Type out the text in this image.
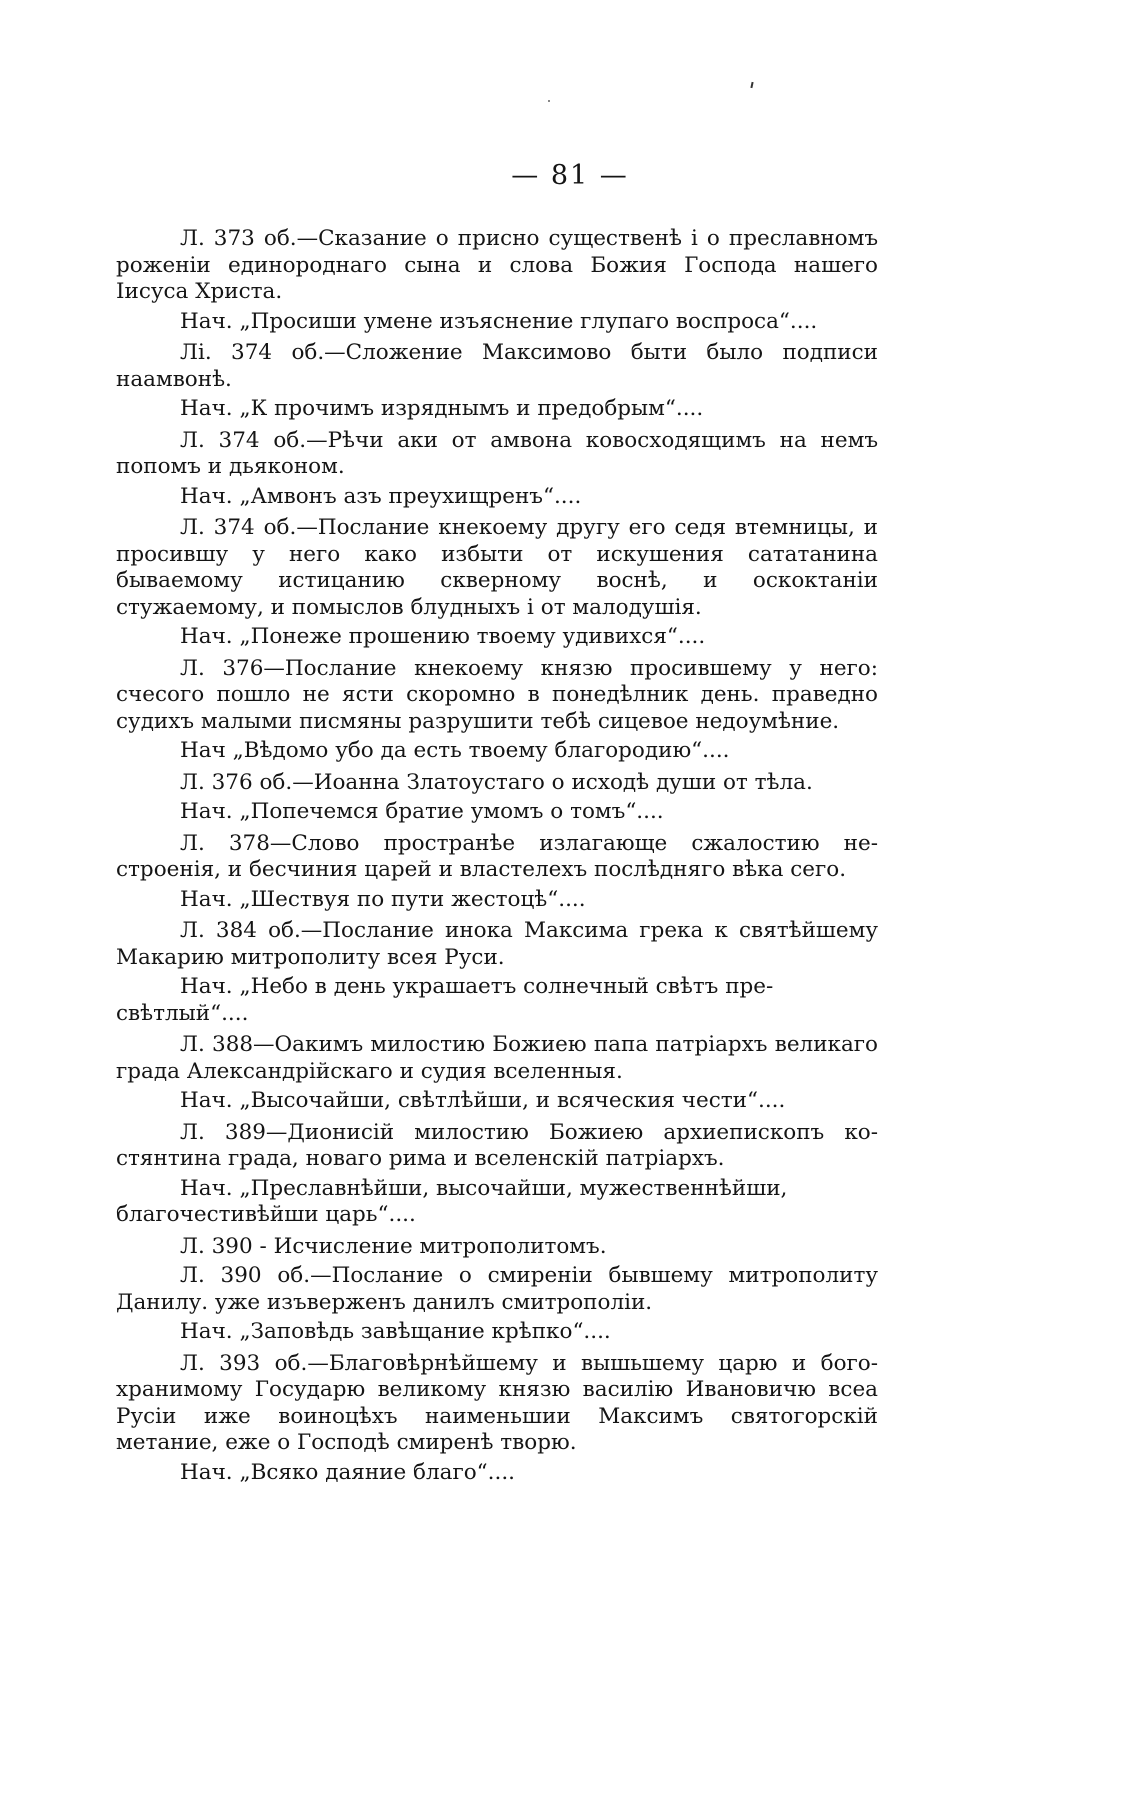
— 81 —

Л. 373 об.—Сказание о присно существенѣ і о преславномъ роженіи единороднаго сына и слова Божия Господа нашего Іисуса Христа.

Нач. „Просиши умене изъяснение глупаго воспроса“....

Лі. 374 об.—Сложение Максимово быти было подписи наамвонѣ.

Нач. „К прочимъ изряднымъ и предобрым“....

Л. 374 об.—Рѣчи аки от амвона ковосходящимъ на немъ попомъ и дьяконом.

Нач. „Амвонъ азъ преухищренъ“....

Л. 374 об.—Послание кнекоему другу его седя втемницы, и просившу у него како избыти от искушения сататанина бываемому истицанию скверному воснѣ, и оскоктаніи стужаемому, и помыслов блудныхъ і от малодушія.

Нач. „Понеже прошению твоему удивихся“....

Л. 376—Послание кнекоему князю просившему у него: счесого пошло не ясти скоромно в понедѣлник день. праведно судихъ малыми писмяны разрушити тебѣ сицевое недоумѣние.

Нач „Вѣдомо убо да есть твоему благородию“....

Л. 376 об.—Иоанна Златоустаго о исходѣ души от тѣла.

Нач. „Попечемся братие умомъ о томъ“....

Л. 378—Слово пространѣе излагающе сжалостию нестроенія, и бесчиния царей и властелехъ послѣдняго вѣка сего.

Нач. „Шествуя по пути жестоцѣ“....

Л. 384 об.—Послание инока Максима грека к святѣйшему Макарию митрополиту всея Руси.

Нач. „Небо в день украшаетъ солнечный свѣтъ пресвѣтлый“....

Л. 388—Оакимъ милостию Божиею папа патріархъ великаго града Александрійскаго и судия вселенныя.

Нач. „Высочайши, свѣтлѣйши, и всяческия чести“....

Л. 389—Дионисій милостию Божиею архиепископъ костянтина града, новаго рима и вселенскій патріархъ.

Нач. „Преславнѣйши, высочайши, мужественнѣйши, благочестивѣйши царь“....

Л. 390 - Исчисление митрополитомъ.

Л. 390 об.—Послание о смиреніи бывшему митрополиту Данилу. уже изъверженъ данилъ смитрополіи.

Нач. „Заповѣдь завѣщание крѣпко“....

Л. 393 об.—Благовѣрнѣйшему и вышьшему царю и богохранимому Государю великому князю василію Ивановичю всеа Русіи иже воиноцѣхъ наименьшии Максимъ святогорскій метание, еже о Господѣ смиренѣ творю.

Нач. „Всяко даяние благо“....
